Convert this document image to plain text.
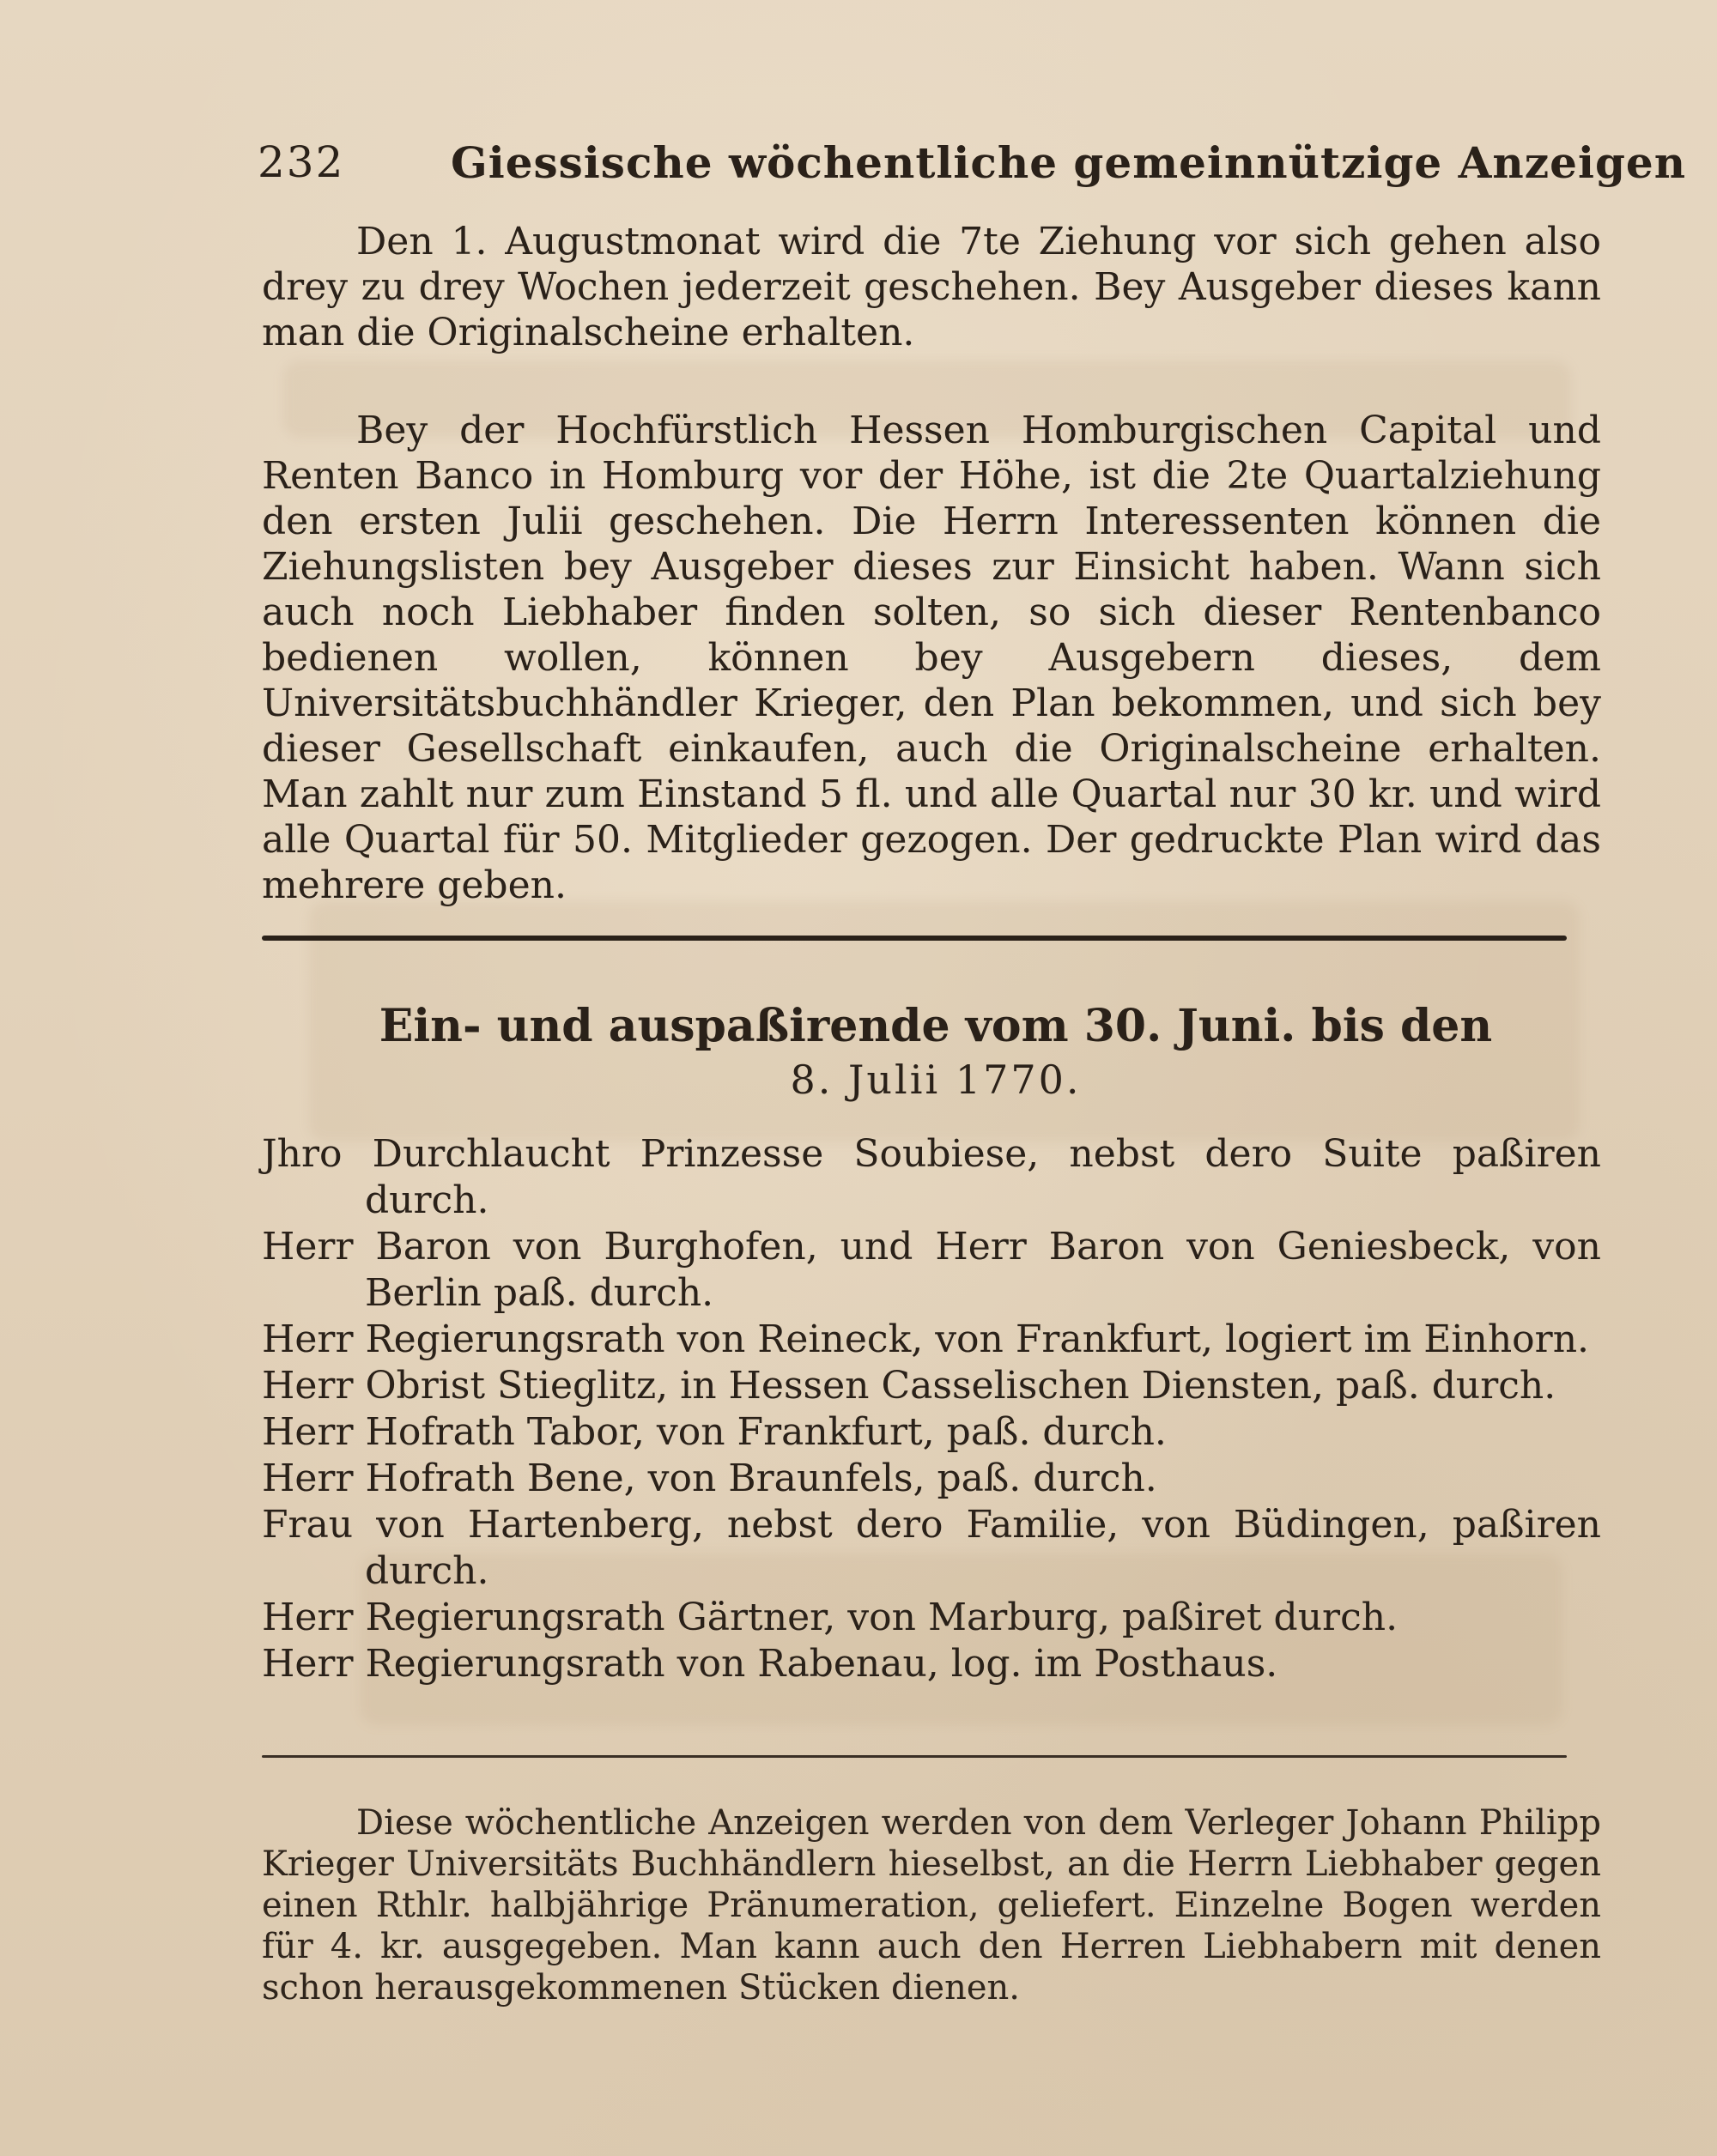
232 Giessische wöchentliche gemeinnützige Anzeigen

Den 1. Augustmonat wird die 7te Ziehung vor sich gehen also drey zu drey Wochen jederzeit geschehen. Bey Ausgeber dieses kann man die Originalscheine erhalten.

Bey der Hochfürstlich Hessen Homburgischen Capital und Renten Banco in Homburg vor der Höhe, ist die 2te Quartalziehung den ersten Julii geschehen. Die Herrn Interessenten können die Ziehungslisten bey Ausgeber dieses zur Einsicht haben. Wann sich auch noch Liebhaber finden solten, so sich dieser Rentenbanco bedienen wollen, können bey Ausgebern dieses, dem Universitätsbuchhändler Krieger, den Plan bekommen, und sich bey dieser Gesellschaft einkaufen, auch die Originalscheine erhalten. Man zahlt nur zum Einstand 5 fl. und alle Quartal nur 30 kr. und wird alle Quartal für 50. Mitglieder gezogen. Der gedruckte Plan wird das mehrere geben.

Ein- und auspaßirende vom 30. Juni. bis den
8. Julii 1770.
Jhro Durchlaucht Prinzesse Soubiese, nebst dero Suite paßiren durch.
Herr Baron von Burghofen, und Herr Baron von Geniesbeck, von Berlin paß. durch.
Herr Regierungsrath von Reineck, von Frankfurt, logiert im Einhorn.
Herr Obrist Stieglitz, in Hessen Casselischen Diensten, paß. durch.
Herr Hofrath Tabor, von Frankfurt, paß. durch.
Herr Hofrath Bene, von Braunfels, paß. durch.
Frau von Hartenberg, nebst dero Familie, von Büdingen, paßiren durch.
Herr Regierungsrath Gärtner, von Marburg, paßiret durch.
Herr Regierungsrath von Rabenau, log. im Posthaus.

Diese wöchentliche Anzeigen werden von dem Verleger Johann Philipp Krieger Universitäts Buchhändlern hieselbst, an die Herrn Liebhaber gegen einen Rthlr. halbjährige Pränumeration, geliefert. Einzelne Bogen werden für 4. kr. ausgegeben. Man kann auch den Herren Liebhabern mit denen schon herausgekommenen Stücken dienen.
